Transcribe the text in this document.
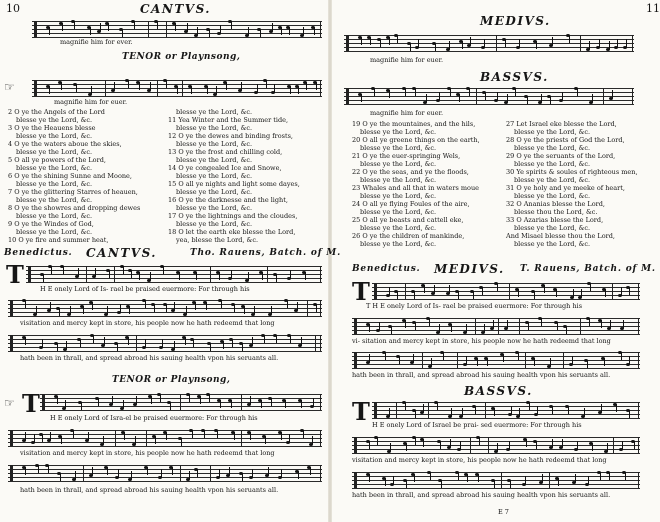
10	CANTVS.
magnifie him for ever.
TENOR or Playnsong,
☞
magnifie him for euer.
2 O ye the Angels of the Lord
blesse ye the Lord, &c.
3 O ye the Heauens blesse
blesse ye the Lord, &c.
4 O ye the waters aboue the skies,
blesse ye the Lord, &c.
5 O all ye powers of the Lord,
blesse ye the Lord, &c.
6 O ye the shining Sunne and Moone,
blesse ye the Lord, &c.
7 O ye the glittering Starres of heauen,
blesse ye the Lord, &c.
8 O ye the showres and dropping dewes
blesse ye the Lord, &c.
9 O ye the Windes of God,
blesse ye the Lord, &c.
10 O ye fire and summer heat,
blesse ye the Lord, &c.
11 Yea Winter and the Summer tide,
blesse ye the Lord, &c.
12 O ye the dewes and binding frosts,
blesse ye the Lord, &c.
13 O ye the frost and chilling cold,
blesse ye the Lord, &c.
14 O ye congealed Ice and Snowe,
blesse ye the Lord, &c.
15 O all ye nights and light some dayes,
blesse ye the Lord, &c.
16 O ye the darknesse and the light,
blesse ye the Lord, &c.
17 O ye the lightnings and the cloudes,
blesse ye the Lord, &c.
18 O let the earth eke blesse the Lord,
yea, blesse the Lord, &c.
Benedictus. CANTVS.	Tho. Rauens, Batch. of M.
T H E onely Lord of Is- rael be praised euermore: For through his
visitation and mercy kept in store, his people now he hath redeemd that long
hath been in thrall, and spread abroad his sauing health vpon his seruants all.
TENOR or Playnsong,
☞ T H E onely Lord of Isra-el be praised euermore: For through his
visitation and mercy kept in store, his people now he hath redeemd that long
hath been in thrall, and spread abroad his sauing health vpon his seruants all.
11
MEDIVS.
magnifie him for euer.
BASSVS.
magnifie him for euer.
19 O ye the mountaines, and the hils,
blesse ye the Lord, &c.
20 O all ye greene things on the earth,
blesse ye the Lord, &c.
21 O ye the euer-springing Wels,
blesse ye the Lord, &c.
22 O ye the seas, and ye the floods,
blesse ye the Lord, &c.
23 Whales and all that in waters moue
blesse ye the Lord, &c.
24 O all ye flying Foules of the aire,
blesse ye the Lord, &c.
25 O all ye beasts and cattell eke,
blesse ye the Lord, &c.
26 O ye the children of mankinde,
blesse ye the Lord, &c.
27 Let Israel eke blesse the Lord,
blesse ye the Lord, &c.
28 O ye the priests of God the Lord,
blesse ye the Lord, &c.
29 O ye the seruants of the Lord,
blesse ye the Lord, &c.
30 Ye spirits & soules of righteous men,
blesse ye the Lord, &c.
31 O ye holy and ye meeke of heart,
blesse ye the Lord, &c.
32 O Ananias blesse the Lord,
blesse thou the Lord, &c.
33 O Azarias blesse the Lord,
blesse ye the Lord, &c.
And Misael blesse thou the Lord,
blesse ye the Lord, &c.
Benedictus. MEDIVS. T. Rauens, Batch. of M.
T
T H E onely Lord of Is- rael be praised euermore: For through his
vi- sitation and mercy kept in store, his people now he hath redeemd that long
hath been in thrall, and spread abroad his sauing health vpon his seruants all.
BASSVS.
T H E onely Lord of Israel be prai- sed euermore: For through his
visitation and mercy kept in store, his people now he hath redeemd that long
hath been in thrall, and spread abroad his sauing health vpon his seruants all.
E 7
